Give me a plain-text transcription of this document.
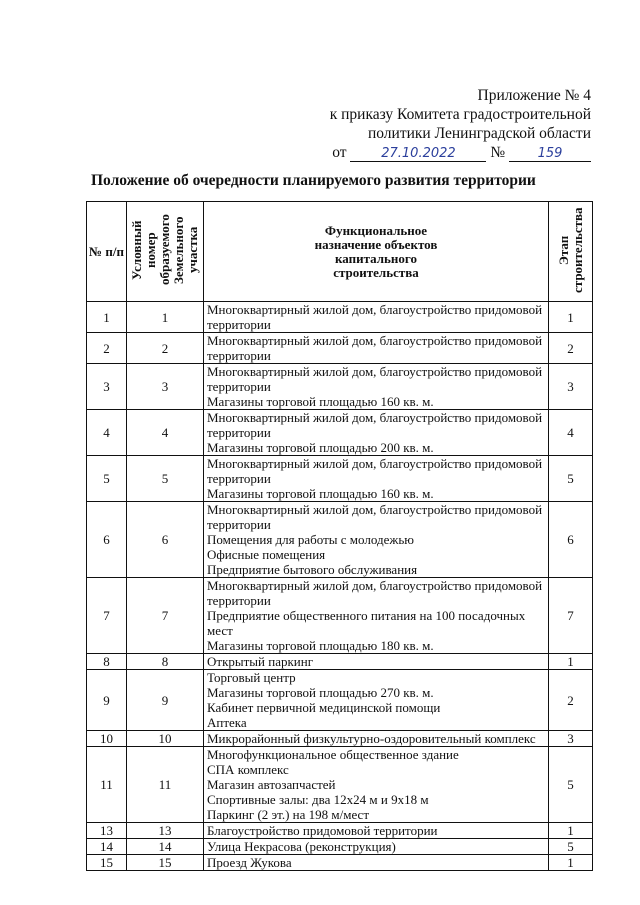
Приложение № 4
к приказу Комитета градостроительной
политики Ленинградской области
от	27.10.2022 № 159
Положение об очередности планируемого развития территории
№ п/п	Условный номер образуемого Земельного участка	Функциональное назначение объектов капитального строительства	Этап строительства
1	1	Многоквартирный жилой дом, благоустройство придомовой территории	1
2	2	Многоквартирный жилой дом, благоустройство придомовой территории	2
3	3	Многоквартирный жилой дом, благоустройство придомовой территории
Магазины торговой площадью 160 кв. м.	3
4	4	Многоквартирный жилой дом, благоустройство придомовой территории
Магазины торговой площадью 200 кв. м.	4
5	5	Многоквартирный жилой дом, благоустройство придомовой территории
Магазины торговой площадью 160 кв. м.	5
6	6	Многоквартирный жилой дом, благоустройство придомовой территории
Помещения для работы с молодежью
Офисные помещения
Предприятие бытового обслуживания	6
7	7	Многоквартирный жилой дом, благоустройство придомовой территории
Предприятие общественного питания на 100 посадочных мест
Магазины торговой площадью 180 кв. м.	7
8	8	Открытый паркинг	1
9	9	Торговый центр
Магазины торговой площадью 270 кв. м.
Кабинет первичной медицинской помощи
Аптека	2
10	10	Микрорайонный физкультурно-оздоровительный комплекс	3
11	11	Многофункциональное общественное здание
СПА комплекс
Магазин автозапчастей
Спортивные залы: два 12х24 м и 9х18 м
Паркинг (2 эт.) на 198 м/мест	5
13	13	Благоустройство придомовой территории	1
14	14	Улица Некрасова (реконструкция)	5
15	15	Проезд Жукова	1
